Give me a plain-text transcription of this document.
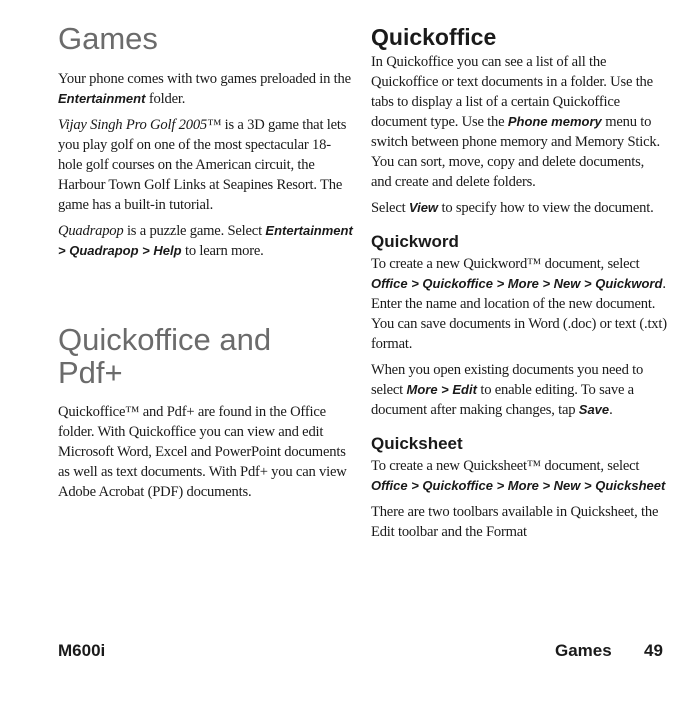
Games

Your phone comes with two games preloaded in the Entertainment folder.

Vijay Singh Pro Golf 2005™ is a 3D game that lets you play golf on one of the most spectacular 18-hole golf courses on the American circuit, the Harbour Town Golf Links at Seapines Resort. The game has a built-in tutorial.

Quadrapop is a puzzle game. Select Entertainment > Quadrapop > Help to learn more.

Quickoffice and
Pdf+

Quickoffice™ and Pdf+ are found in the Office folder. With Quickoffice you can view and edit Microsoft Word, Excel and PowerPoint documents as well as text documents. With Pdf+ you can view Adobe Acrobat (PDF) documents.

Quickoffice

In Quickoffice you can see a list of all the Quickoffice or text documents in a folder. Use the tabs to display a list of a certain Quickoffice document type. Use the Phone memory menu to switch between phone memory and Memory Stick. You can sort, move, copy and delete documents, and create and delete folders.

Select View to specify how to view the document.

Quickword

To create a new Quickword™ document, select Office > Quickoffice > More > New > Quickword. Enter the name and location of the new document. You can save documents in Word (.doc) or text (.txt) format.

When you open existing documents you need to select More > Edit to enable editing. To save a document after making changes, tap Save.

Quicksheet

To create a new Quicksheet™ document, select Office > Quickoffice > More > New > Quicksheet

There are two toolbars available in Quicksheet, the Edit toolbar and the Format

M600i	Games 49
